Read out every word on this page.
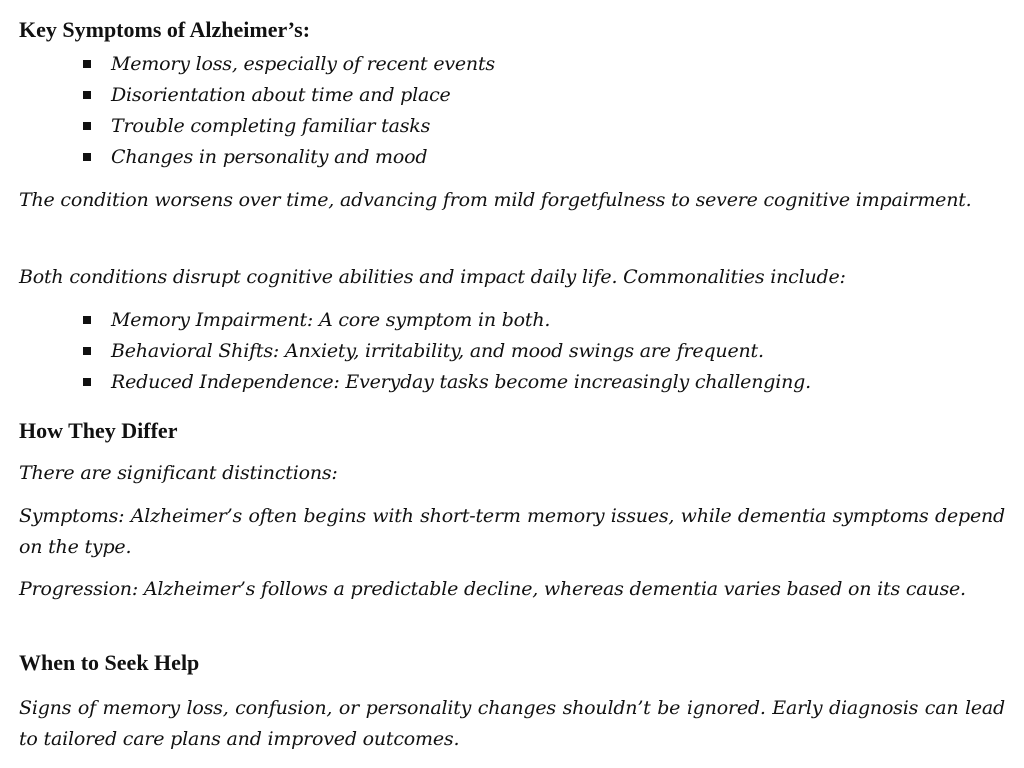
Key Symptoms of Alzheimer’s:
Memory loss, especially of recent events
Disorientation about time and place
Trouble completing familiar tasks
Changes in personality and mood

The condition worsens over time, advancing from mild forgetfulness to severe cognitive impairment.

Both conditions disrupt cognitive abilities and impact daily life. Commonalities include:

Memory Impairment: A core symptom in both.
Behavioral Shifts: Anxiety, irritability, and mood swings are frequent.
Reduced Independence: Everyday tasks become increasingly challenging.
How They Differ

There are significant distinctions:

Symptoms: Alzheimer’s often begins with short-term memory issues, while dementia symptoms depend on the type.

Progression: Alzheimer’s follows a predictable decline, whereas dementia varies based on its cause.

When to Seek Help

Signs of memory loss, confusion, or personality changes shouldn’t be ignored. Early diagnosis can lead to tailored care plans and improved outcomes.
